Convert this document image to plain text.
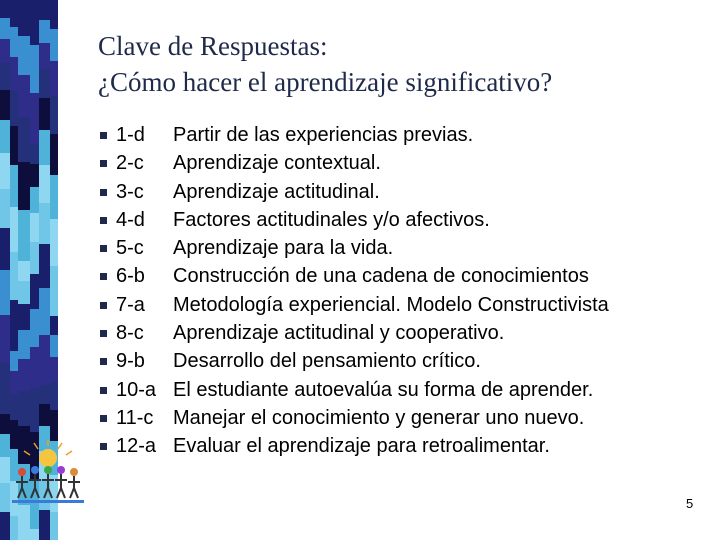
Clave de Respuestas:
¿Cómo hacer el aprendizaje significativo?
1-d Partir de las experiencias previas.
2-c Aprendizaje contextual.
3-c Aprendizaje actitudinal.
4-d Factores actitudinales y/o afectivos.
5-c Aprendizaje para la vida.
6-b Construcción de una cadena de conocimientos
7-a Metodología experiencial. Modelo Constructivista
8-c Aprendizaje actitudinal y cooperativo.
9-b Desarrollo del pensamiento crítico.
10-a El estudiante autoevalúa su forma de aprender.
11-c Manejar el conocimiento y generar uno nuevo.
12-a Evaluar el aprendizaje para retroalimentar.
5
